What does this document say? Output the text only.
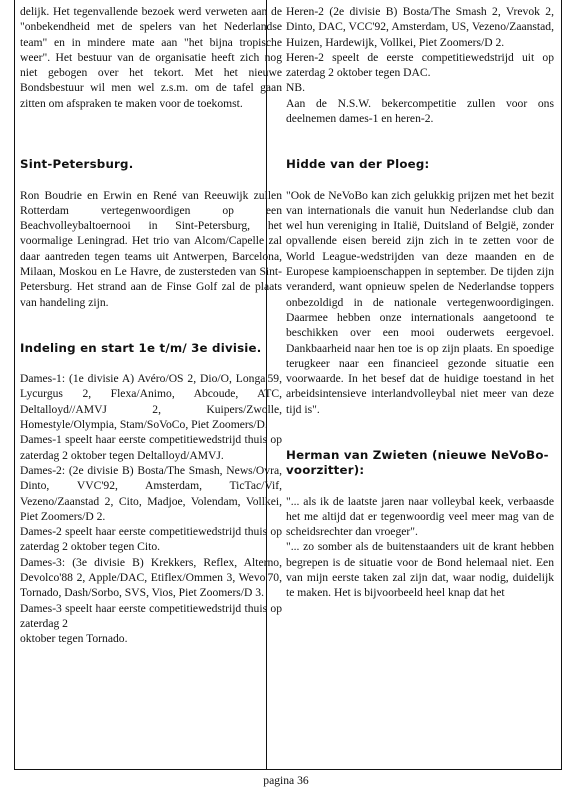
delijk. Het tegenvallende bezoek werd verweten aan de "onbekendheid met de spelers van het Nederlandse team" en in mindere mate aan "het bijna tropische weer". Het bestuur van de organisatie heeft zich nog niet gebogen over het tekort. Met het nieuwe Bondsbestuur wil men wel z.s.m. om de tafel gaan zitten om afspraken te maken voor de toekomst.

Sint-Petersburg.

Ron Boudrie en Erwin en René van Reeuwijk zullen Rotterdam vertegenwoordigen op een Beachvolleybaltoernooi in Sint-Petersburg, het voormalige Leningrad. Het trio van Alcom/Capelle zal daar aantreden tegen teams uit Antwerpen, Barcelona, Milaan, Moskou en Le Havre, de zustersteden van Sint-Petersburg. Het strand aan de Finse Golf zal de plaats van handeling zijn.

Indeling en start 1e t/m/ 3e divisie.

Dames-1: (1e divisie A) Avéro/OS 2, Dio/O, Longa'59, Lycurgus 2, Flexa/Animo, Abcoude, ATC, Deltalloyd//AMVJ 2, Kuipers/Zwolle, Homestyle/Olympia, Stam/SoVoCo, Piet Zoomers/D.

Dames-1 speelt haar eerste competitiewedstrijd thuis op zaterdag 2 oktober tegen Deltalloyd/AMVJ.

Dames-2: (2e divisie B) Bosta/The Smash, News/Ovra, Dinto, VVC'92, Amsterdam, TicTac/Vif, Vezeno/Zaanstad 2, Cito, Madjoe, Volendam, Vollkei, Piet Zoomers/D 2.

Dames-2 speelt haar eerste competitiewedstrijd thuis op zaterdag 2 oktober tegen Cito.

Dames-3: (3e divisie B) Krekkers, Reflex, Alterno, Devolco'88 2, Apple/DAC, Etiflex/Ommen 3, Wevo'70, Tornado, Dash/Sorbo, SVS, Vios, Piet Zoomers/D 3.

Dames-3 speelt haar eerste competitiewedstrijd thuis op zaterdag 2

oktober tegen Tornado.

Heren-2 (2e divisie B) Bosta/The Smash 2, Vrevok 2, Dinto, DAC, VCC'92, Amsterdam, US, Vezeno/Zaanstad, Huizen, Hardewijk, Vollkei, Piet Zoomers/D 2.

Heren-2 speelt de eerste competitiewedstrijd uit op zaterdag 2 oktober tegen DAC.

NB.

Aan de N.S.W. bekercompetitie zullen voor ons deelnemen dames-1 en heren-2.

Hidde van der Ploeg:

"Ook de NeVoBo kan zich gelukkig prijzen met het bezit van internationals die vanuit hun Nederlandse club dan wel hun vereniging in Italië, Duitsland of België, zonder opvallende eisen bereid zijn zich in te zetten voor de World League-wedstrijden van deze maanden en de Europese kampioenschappen in september. De tijden zijn veranderd, want opnieuw spelen de Nederlandse toppers onbezoldigd in de nationale vertegenwoordigingen. Daarmee hebben onze internationals aangetoond te beschikken over een mooi ouderwets eergevoel. Dankbaarheid naar hen toe is op zijn plaats. En spoedige terugkeer naar een financieel gezonde situatie een voorwaarde. In het besef dat de huidige toestand in het arbeidsintensieve interlandvolleybal niet meer van deze tijd is".

Herman van Zwieten (nieuwe NeVoBo-voorzitter):

"... als ik de laatste jaren naar volleybal keek, verbaasde het me altijd dat er tegenwoordig veel meer mag van de scheidsrechter dan vroeger".

"... zo somber als de buitenstaanders uit de krant hebben begrepen is de situatie voor de Bond helemaal niet. Een van mijn eerste taken zal zijn dat, waar nodig, duidelijk te maken. Het is bijvoorbeeld heel knap dat het

pagina 36
